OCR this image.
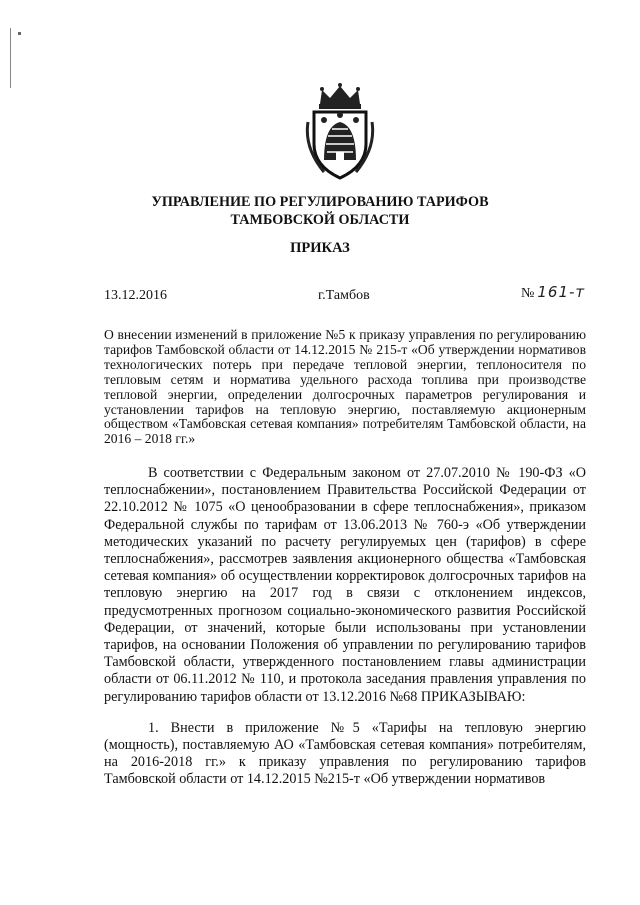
УПРАВЛЕНИЕ ПО РЕГУЛИРОВАНИЮ ТАРИФОВ
ТАМБОВСКОЙ ОБЛАСТИ
ПРИКАЗ
13.12.2016	г.Тамбов	№ 161-т
О внесении изменений в приложение №5 к приказу управления по регулированию тарифов Тамбовской области от 14.12.2015 № 215-т «Об утверждении нормативов технологических потерь при передаче тепловой энергии, теплоносителя по тепловым сетям и норматива удельного расхода топлива при производстве тепловой энергии, определении долгосрочных параметров регулирования и установлении тарифов на тепловую энергию, поставляемую акционерным обществом «Тамбовская сетевая компания» потребителям Тамбовской области, на 2016 – 2018 гг.»

В соответствии с Федеральным законом от 27.07.2010 № 190-ФЗ «О теплоснабжении», постановлением Правительства Российской Федерации от 22.10.2012 № 1075 «О ценообразовании в сфере теплоснабжения», приказом Федеральной службы по тарифам от 13.06.2013 № 760-э «Об утверждении методических указаний по расчету регулируемых цен (тарифов) в сфере теплоснабжения», рассмотрев заявления акционерного общества «Тамбовская сетевая компания» об осуществлении корректировок долгосрочных тарифов на тепловую энергию на 2017 год в связи с отклонением индексов, предусмотренных прогнозом социально-экономического развития Российской Федерации, от значений, которые были использованы при установлении тарифов, на основании Положения об управлении по регулированию тарифов Тамбовской области, утвержденного постановлением главы администрации области от 06.11.2012 № 110, и протокола заседания правления управления по регулированию тарифов области от 13.12.2016 №68 ПРИКАЗЫВАЮ:

1. Внести в приложение №5 «Тарифы на тепловую энергию (мощность), поставляемую АО «Тамбовская сетевая компания» потребителям, на 2016-2018 гг.» к приказу управления по регулированию тарифов Тамбовской области от 14.12.2015 №215-т «Об утверждении нормативов
